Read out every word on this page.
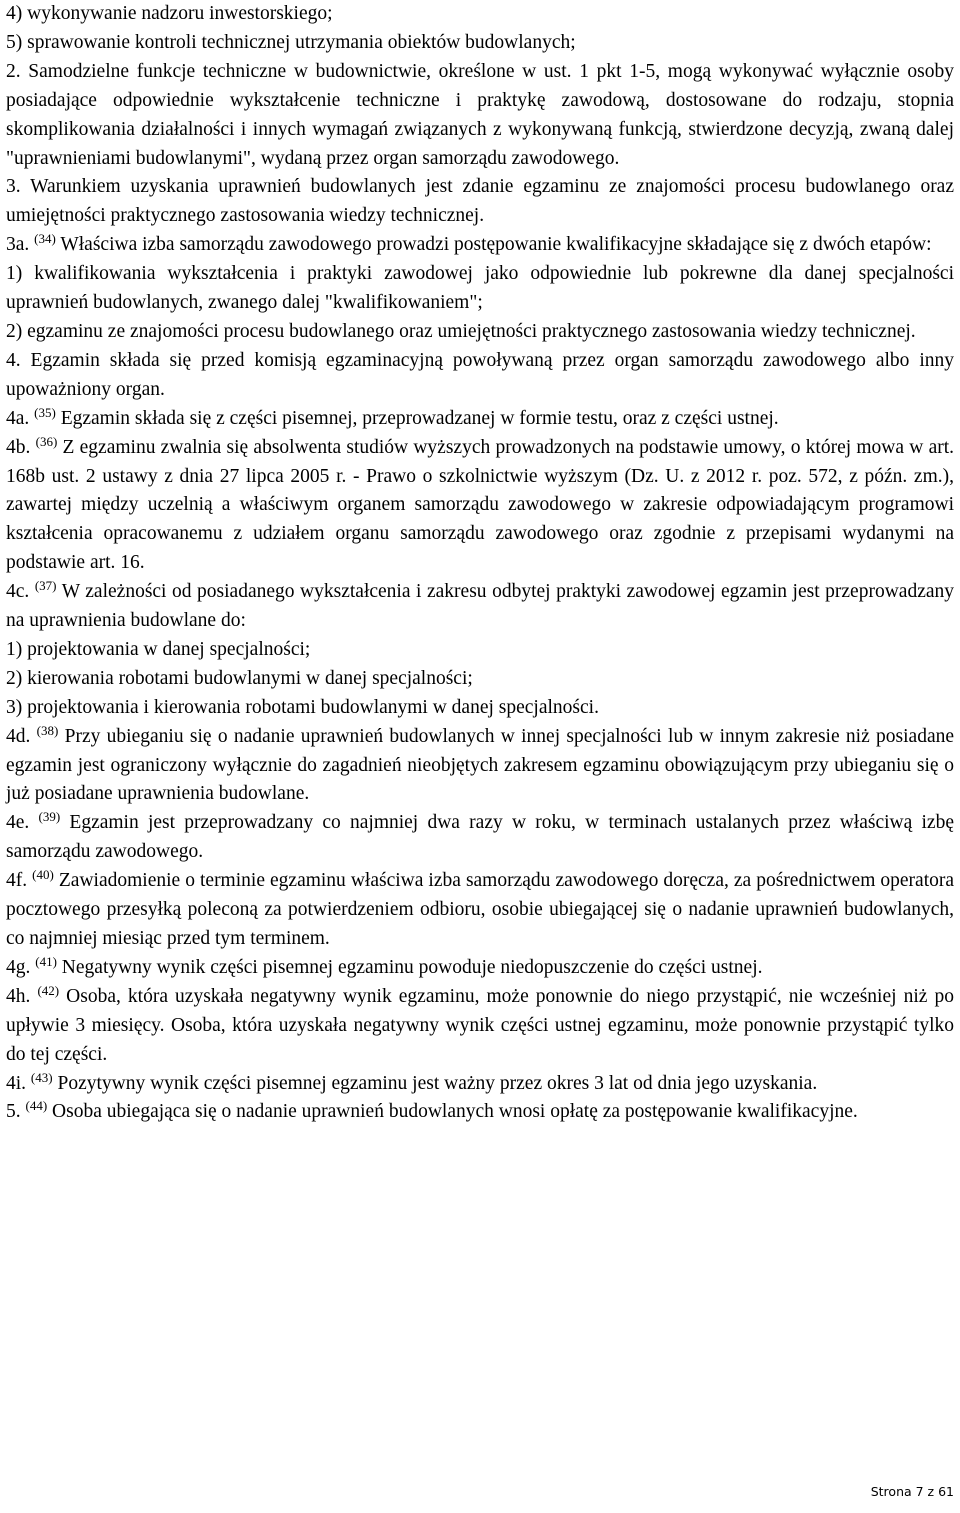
4) wykonywanie nadzoru inwestorskiego;

5) sprawowanie kontroli technicznej utrzymania obiektów budowlanych;

2. Samodzielne funkcje techniczne w budownictwie, określone w ust. 1 pkt 1-5, mogą wykonywać wyłącznie osoby posiadające odpowiednie wykształcenie techniczne i praktykę zawodową, dostosowane do rodzaju, stopnia skomplikowania działalności i innych wymagań związanych z wykonywaną funkcją, stwierdzone decyzją, zwaną dalej "uprawnieniami budowlanymi", wydaną przez organ samorządu zawodowego.

3. Warunkiem uzyskania uprawnień budowlanych jest zdanie egzaminu ze znajomości procesu budowlanego oraz umiejętności praktycznego zastosowania wiedzy technicznej.

3a. $^{(34)}$ Właściwa izba samorządu zawodowego prowadzi postępowanie kwalifikacyjne składające się z dwóch etapów:

1) kwalifikowania wykształcenia i praktyki zawodowej jako odpowiednie lub pokrewne dla danej specjalności uprawnień budowlanych, zwanego dalej "kwalifikowaniem";

2) egzaminu ze znajomości procesu budowlanego oraz umiejętności praktycznego zastosowania wiedzy technicznej.

4. Egzamin składa się przed komisją egzaminacyjną powoływaną przez organ samorządu zawodowego albo inny upoważniony organ.

4a. $^{(35)}$ Egzamin składa się z części pisemnej, przeprowadzanej w formie testu, oraz z części ustnej.

4b. $^{(36)}$ Z egzaminu zwalnia się absolwenta studiów wyższych prowadzonych na podstawie umowy, o której mowa w art. 168b ust. 2 ustawy z dnia 27 lipca 2005 r. - Prawo o szkolnictwie wyższym (Dz. U. z 2012 r. poz. 572, z późn. zm.), zawartej między uczelnią a właściwym organem samorządu zawodowego w zakresie odpowiadającym programowi kształcenia opracowanemu z udziałem organu samorządu zawodowego oraz zgodnie z przepisami wydanymi na podstawie art. 16.

4c. $^{(37)}$ W zależności od posiadanego wykształcenia i zakresu odbytej praktyki zawodowej egzamin jest przeprowadzany na uprawnienia budowlane do:

1) projektowania w danej specjalności;

2) kierowania robotami budowlanymi w danej specjalności;

3) projektowania i kierowania robotami budowlanymi w danej specjalności.

4d. $^{(38)}$ Przy ubieganiu się o nadanie uprawnień budowlanych w innej specjalności lub w innym zakresie niż posiadane egzamin jest ograniczony wyłącznie do zagadnień nieobjętych zakresem egzaminu obowiązującym przy ubieganiu się o już posiadane uprawnienia budowlane.

4e. $^{(39)}$ Egzamin jest przeprowadzany co najmniej dwa razy w roku, w terminach ustalanych przez właściwą izbę samorządu zawodowego.

4f. $^{(40)}$ Zawiadomienie o terminie egzaminu właściwa izba samorządu zawodowego doręcza, za pośrednictwem operatora pocztowego przesyłką poleconą za potwierdzeniem odbioru, osobie ubiegającej się o nadanie uprawnień budowlanych, co najmniej miesiąc przed tym terminem.

4g. $^{(41)}$ Negatywny wynik części pisemnej egzaminu powoduje niedopuszczenie do części ustnej.

4h. $^{(42)}$ Osoba, która uzyskała negatywny wynik egzaminu, może ponownie do niego przystąpić, nie wcześniej niż po upływie 3 miesięcy. Osoba, która uzyskała negatywny wynik części ustnej egzaminu, może ponownie przystąpić tylko do tej części.

4i. $^{(43)}$ Pozytywny wynik części pisemnej egzaminu jest ważny przez okres 3 lat od dnia jego uzyskania.

5. $^{(44)}$ Osoba ubiegająca się o nadanie uprawnień budowlanych wnosi opłatę za postępowanie kwalifikacyjne.

Strona 7 z 61
